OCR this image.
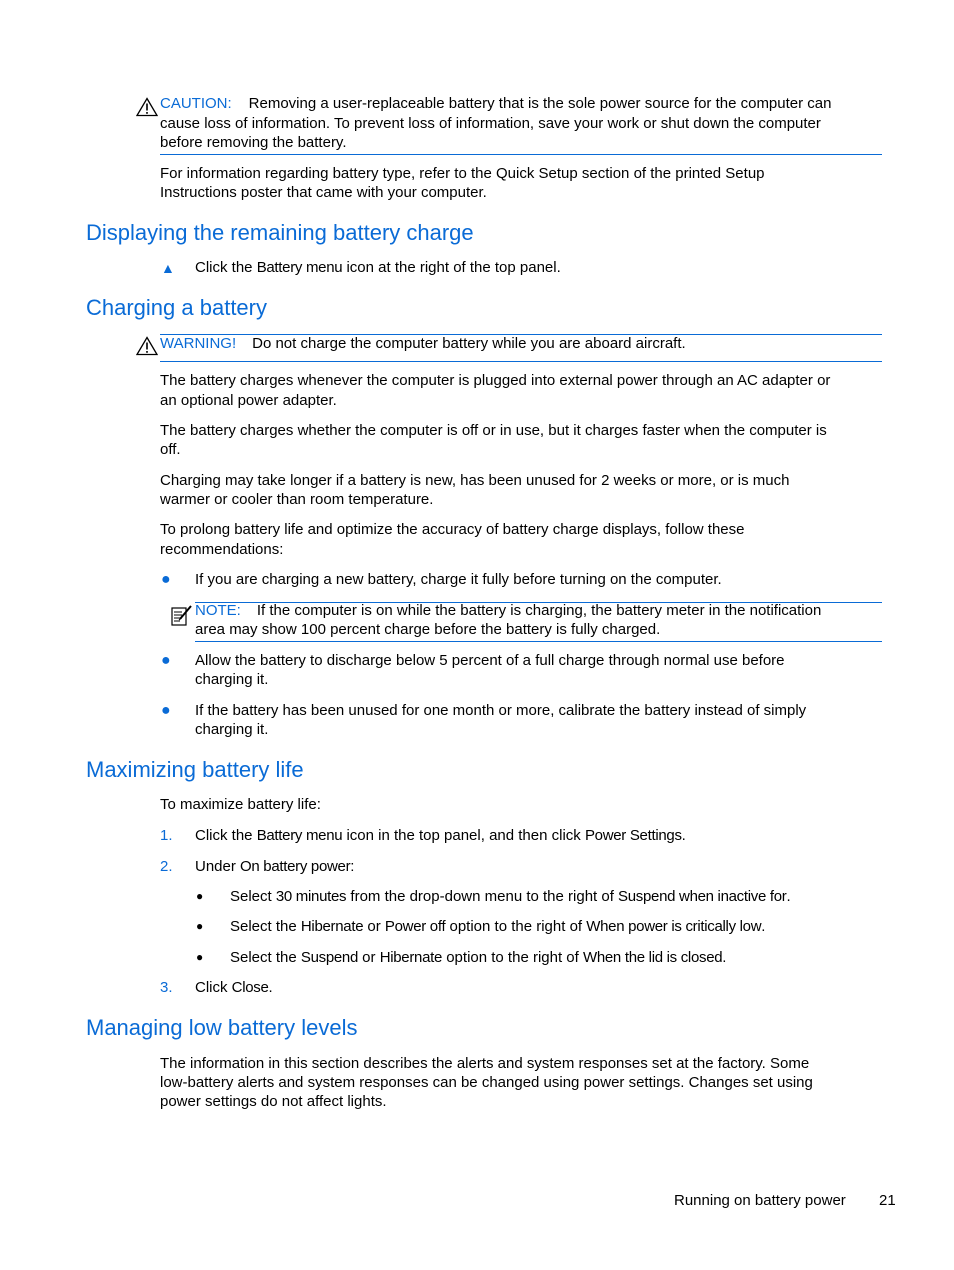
CAUTION: Removing a user-replaceable battery that is the sole power source for the computer can
cause loss of information. To prevent loss of information, save your work or shut down the computer
before removing the battery.
For information regarding battery type, refer to the Quick Setup section of the printed Setup
Instructions poster that came with your computer.
Displaying the remaining battery charge
▲ Click the Battery menu icon at the right of the top panel.
Charging a battery
WARNING! Do not charge the computer battery while you are aboard aircraft.
The battery charges whenever the computer is plugged into external power through an AC adapter or
an optional power adapter.
The battery charges whether the computer is off or in use, but it charges faster when the computer is
off.
Charging may take longer if a battery is new, has been unused for 2 weeks or more, or is much
warmer or cooler than room temperature.
To prolong battery life and optimize the accuracy of battery charge displays, follow these
recommendations:
● If you are charging a new battery, charge it fully before turning on the computer.
NOTE: If the computer is on while the battery is charging, the battery meter in the notification
area may show 100 percent charge before the battery is fully charged.
● Allow the battery to discharge below 5 percent of a full charge through normal use before
charging it.
● If the battery has been unused for one month or more, calibrate the battery instead of simply
charging it.
Maximizing battery life
To maximize battery life:
1. Click the Battery menu icon in the top panel, and then click Power Settings.
2. Under On battery power:
● Select 30 minutes from the drop-down menu to the right of Suspend when inactive for.
● Select the Hibernate or Power off option to the right of When power is critically low.
● Select the Suspend or Hibernate option to the right of When the lid is closed.
3. Click Close.
Managing low battery levels
The information in this section describes the alerts and system responses set at the factory. Some
low-battery alerts and system responses can be changed using power settings. Changes set using
power settings do not affect lights.
Running on battery power 21
